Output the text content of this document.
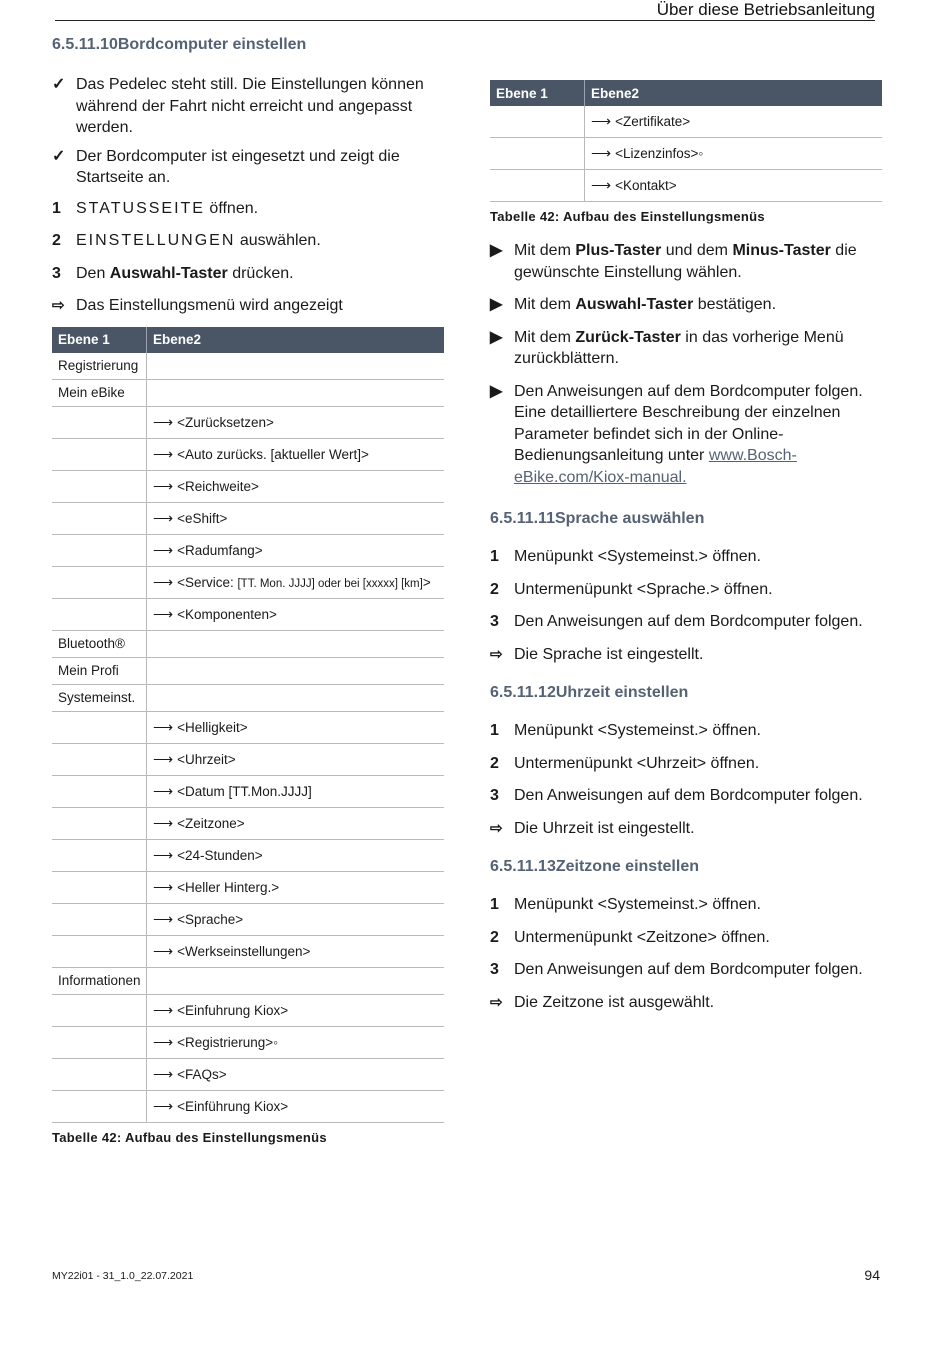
Über diese Betriebsanleitung
6.5.11.10Bordcomputer einstellen
✓ Das Pedelec steht still. Die Einstellungen können während der Fahrt nicht erreicht und angepasst werden.
✓ Der Bordcomputer ist eingesetzt und zeigt die Startseite an.
1 STATUSSEITE öffnen.
2 EINSTELLUNGEN auswählen.
3 Den Auswahl-Taster drücken.
⇨ Das Einstellungsmenü wird angezeigt
Ebene 1	Ebene2
Registrierung	
Mein eBike	
	⟶ <Zurücksetzen>
	⟶ <Auto zurücks. [aktueller Wert]>
	⟶ <Reichweite>
	⟶ <eShift>
	⟶ <Radumfang>
	⟶ <Service: [TT. Mon. JJJJ] oder bei [xxxxx] [km]>
	⟶ <Komponenten>
Bluetooth®	
Mein Profi	
Systemeinst.	
	⟶ <Helligkeit>
	⟶ <Uhrzeit>
	⟶ <Datum [TT.Mon.JJJJ]
	⟶ <Zeitzone>
	⟶ <24-Stunden>
	⟶ <Heller Hinterg.>
	⟶ <Sprache>
	⟶ <Werkseinstellungen>
Informationen	
	⟶ <Einfuhrung Kiox>
	⟶ <Registrierung>◦
	⟶ <FAQs>
	⟶ <Einführung Kiox>

Tabelle 42: Aufbau des Einstellungsmenüs

Ebene 1	Ebene2
	⟶ <Zertifikate>
	⟶ <Lizenzinfos>◦
	⟶ <Kontakt>

Tabelle 42: Aufbau des Einstellungsmenüs

▶ Mit dem Plus-Taster und dem Minus-Taster die gewünschte Einstellung wählen.
▶ Mit dem Auswahl-Taster bestätigen.
▶ Mit dem Zurück-Taster in das vorherige Menü zurückblättern.
▶ Den Anweisungen auf dem Bordcomputer folgen. Eine detailliertere Beschreibung der einzelnen Parameter befindet sich in der Online-Bedienungsanleitung unter www.Bosch-eBike.com/Kiox-manual.
6.5.11.11Sprache auswählen
1 Menüpunkt <Systemeinst.> öffnen.
2 Untermenüpunkt <Sprache.> öffnen.
3 Den Anweisungen auf dem Bordcomputer folgen.
⇨ Die Sprache ist eingestellt.
6.5.11.12Uhrzeit einstellen
1 Menüpunkt <Systemeinst.> öffnen.
2 Untermenüpunkt <Uhrzeit> öffnen.
3 Den Anweisungen auf dem Bordcomputer folgen.
⇨ Die Uhrzeit ist eingestellt.
6.5.11.13Zeitzone einstellen
1 Menüpunkt <Systemeinst.> öffnen.
2 Untermenüpunkt <Zeitzone> öffnen.
3 Den Anweisungen auf dem Bordcomputer folgen.
⇨ Die Zeitzone ist ausgewählt.
MY22i01 - 31_1.0_22.07.2021	94
